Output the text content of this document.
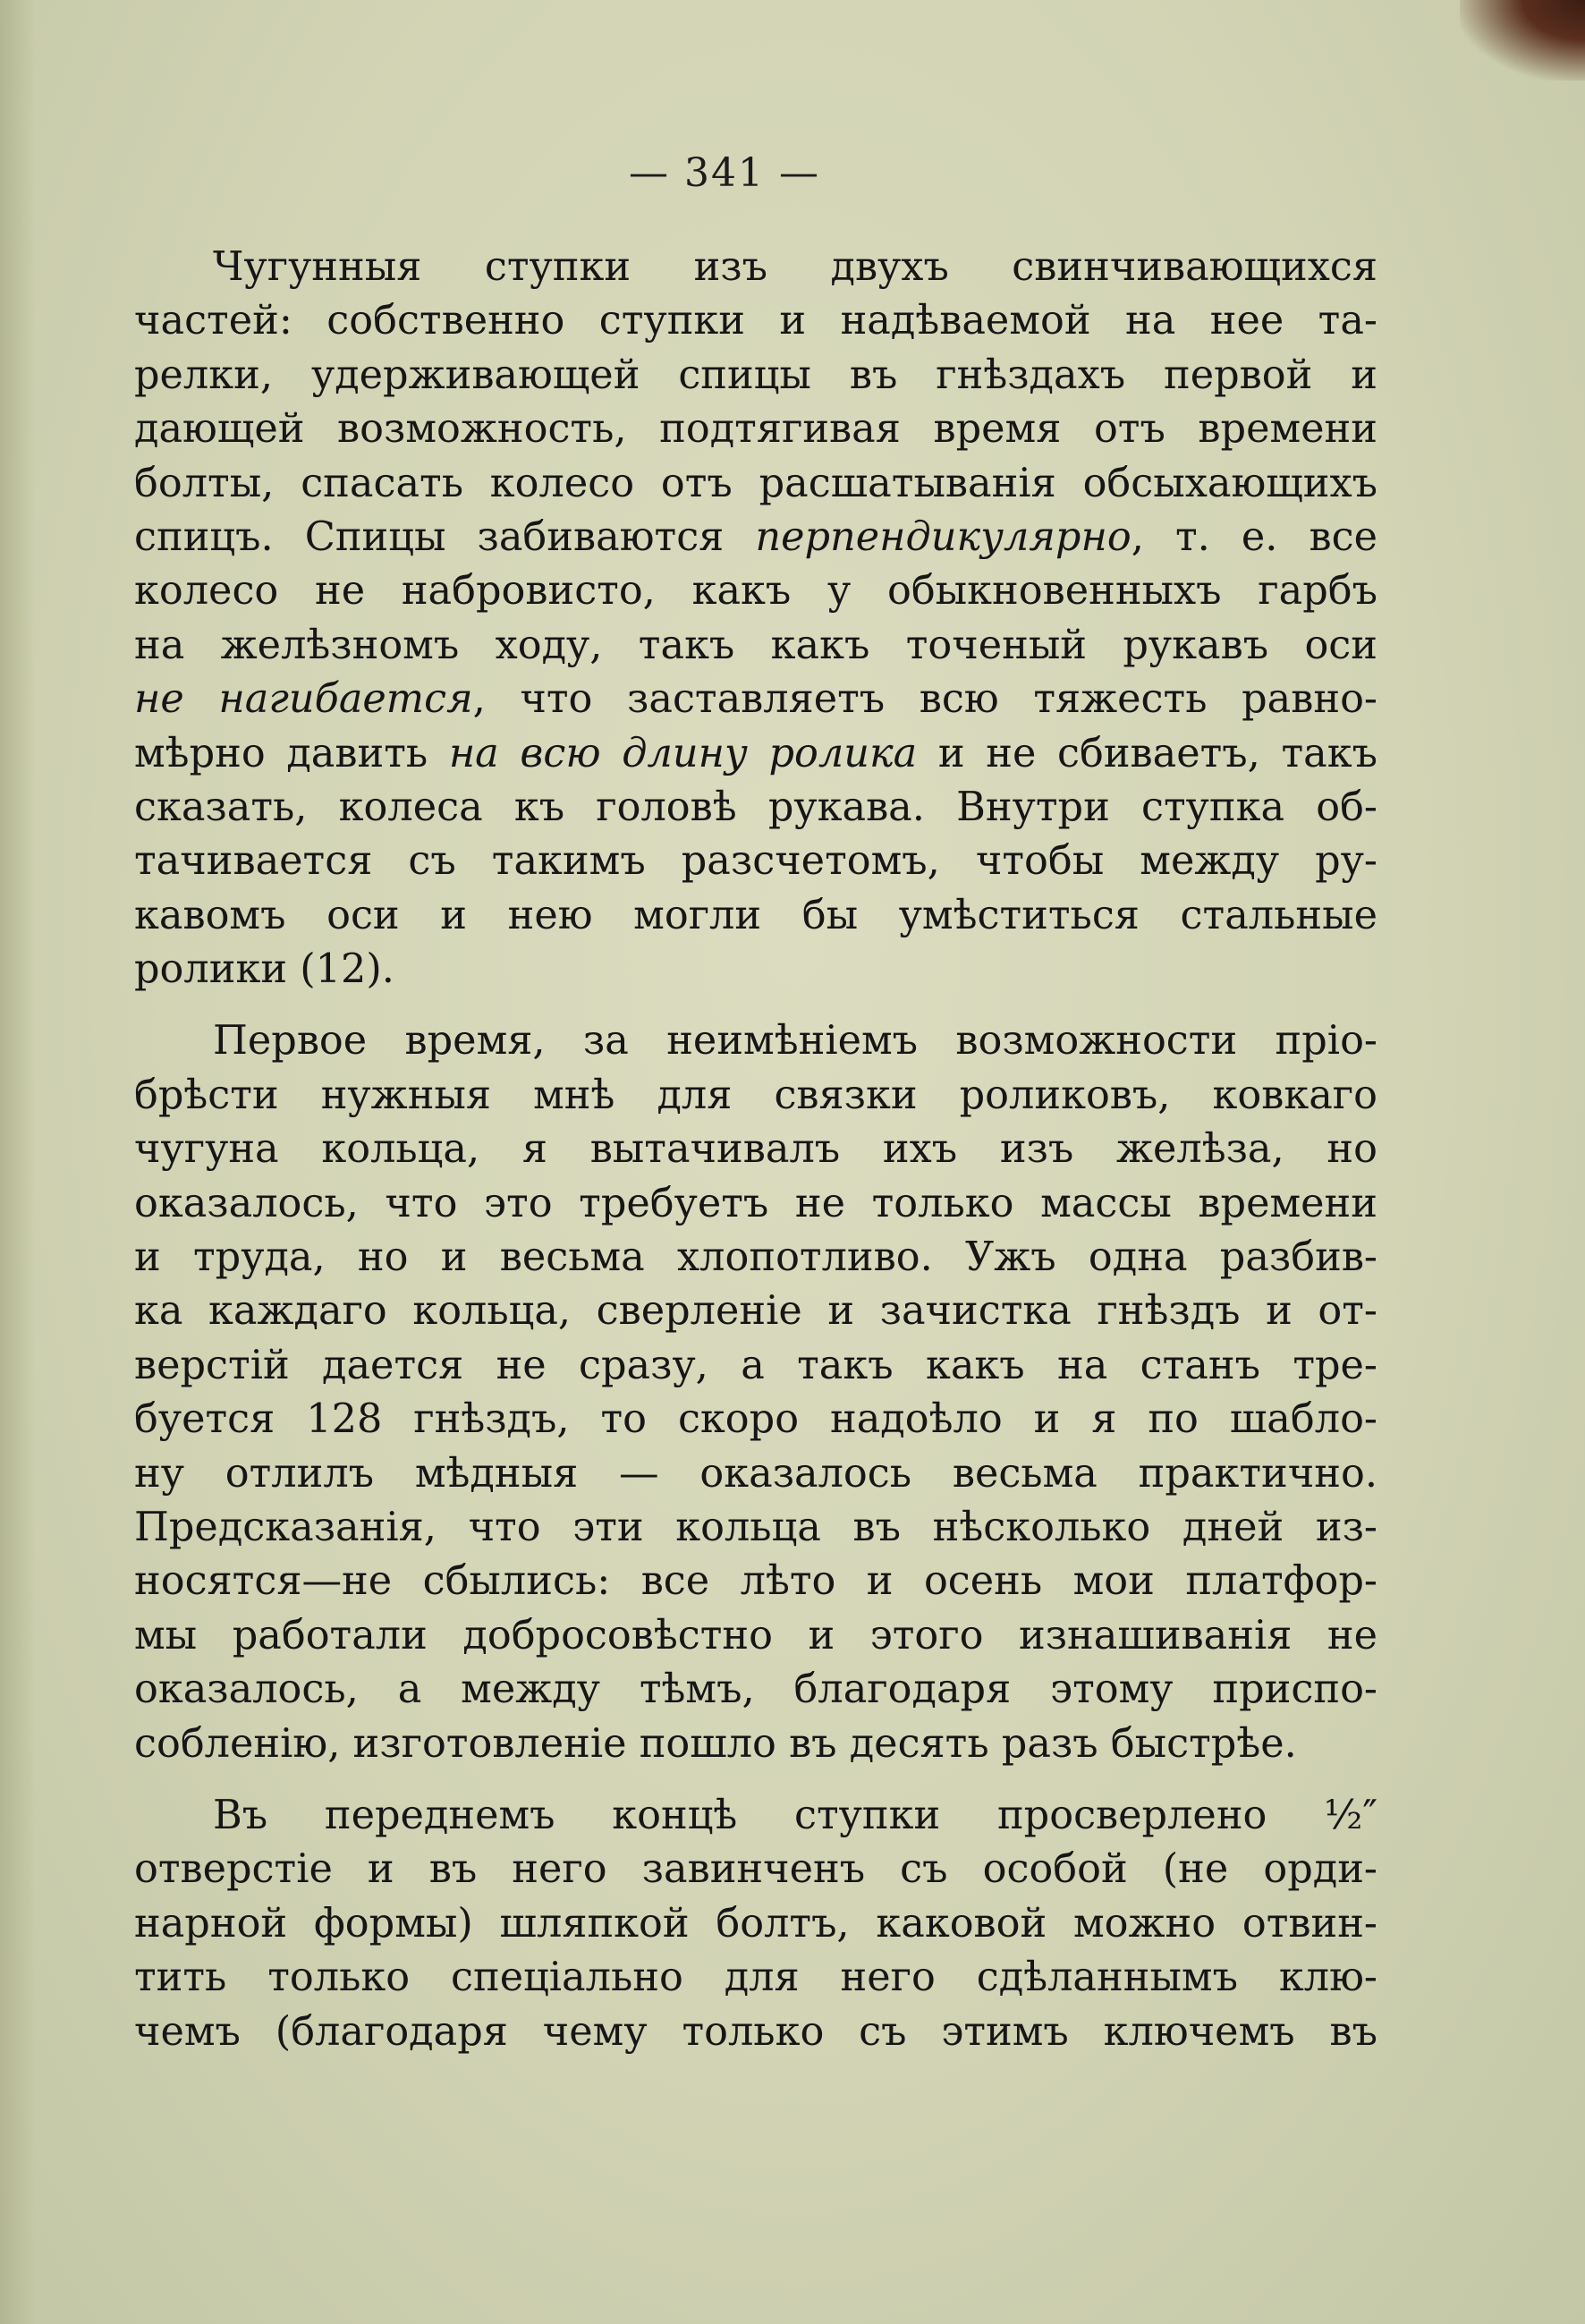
— 341 —
Чугунныя ступки изъ двухъ свинчивающихся
частей: собственно ступки и надѣваемой на нее та-
релки, удерживающей спицы въ гнѣздахъ первой и
дающей возможность, подтягивая время отъ времени
болты, спасать колесо отъ расшатыванія обсыхающихъ
спицъ. Спицы забиваются перпендикулярно, т. е. все
колесо не набровисто, какъ у обыкновенныхъ гарбъ
на желѣзномъ ходу, такъ какъ точеный рукавъ оси
не нагибается, что заставляетъ всю тяжесть равно-
мѣрно давить на всю длину ролика и не сбиваетъ, такъ
сказать, колеса къ головѣ рукава. Внутри ступка об-
тачивается съ такимъ разсчетомъ, чтобы между ру-
кавомъ оси и нею могли бы умѣститься стальные
ролики (12).
Первое время, за неимѣніемъ возможности пріо-
брѣсти нужныя мнѣ для связки роликовъ, ковкаго
чугуна кольца, я вытачивалъ ихъ изъ желѣза, но
оказалось, что это требуетъ не только массы времени
и труда, но и весьма хлопотливо. Ужъ одна разбив-
ка каждаго кольца, сверленіе и зачистка гнѣздъ и от-
верстій дается не сразу, а такъ какъ на станъ тре-
буется 128 гнѣздъ, то скоро надоѣло и я по шабло-
ну отлилъ мѣдныя — оказалось весьма практично.
Предсказанія, что эти кольца въ нѣсколько дней из-
носятся—не сбылись: все лѣто и осень мои платфор-
мы работали добросовѣстно и этого изнашиванія не
оказалось, а между тѣмъ, благодаря этому приспо-
собленію, изготовленіе пошло въ десять разъ быстрѣе.
Въ переднемъ концѣ ступки просверлено ½″
отверстіе и въ него завинченъ съ особой (не орди-
нарной формы) шляпкой болтъ, каковой можно отвин-
тить только спеціально для него сдѣланнымъ клю-
чемъ (благодаря чему только съ этимъ ключемъ въ
